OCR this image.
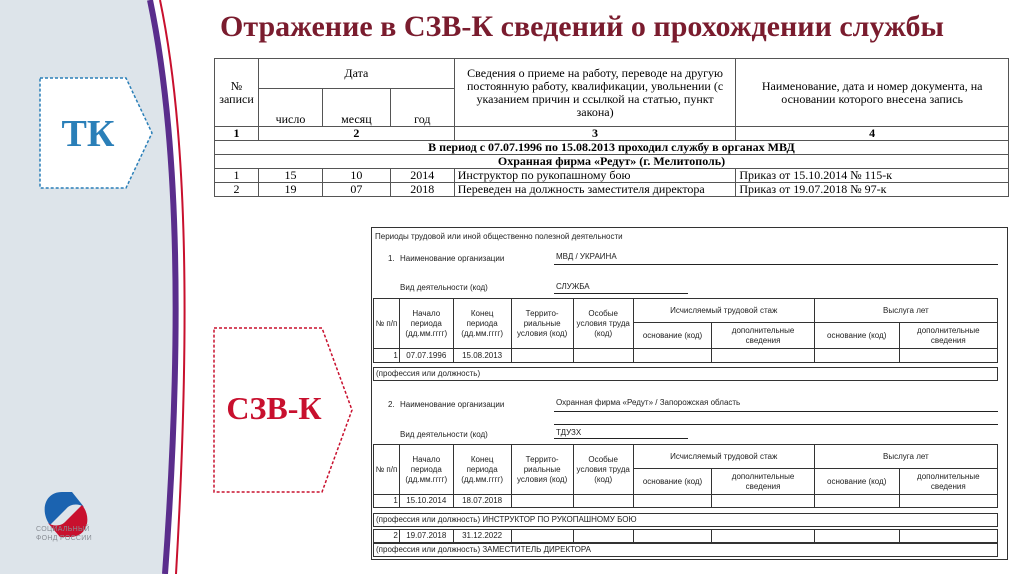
Отражение в СЗВ-К сведений о прохождении службы
ТК
СЗВ-К
СОЦИАЛЬНЫЙ
ФОНД РОССИИ
№ записи	Дата			Сведения о приеме на работу, переводе на другую постоянную работу, квалификации, увольнении (с указанием причин и ссылкой на статью, пункт закона)	Наименование, дата и номер документа, на основании которого внесена запись
	число	месяц	год		
1	2			3	4
В период с 07.07.1996 по 15.08.2013 проходил службу в органах МВД					
Охранная фирма «Редут» (г. Мелитополь)					
1	15	10	2014	Инструктор по рукопашному бою	Приказ от 15.10.2014 № 115-к
2	19	07	2018	Переведен на должность заместителя директора	Приказ от 19.07.2018 № 97-к
Периоды трудовой или иной общественно полезной деятельности
1. Наименование организации	МВД / УКРАИНА
Вид деятельности (код)	СЛУЖБА
№ п/п	Начало периода (дд.мм.гггг)	Конец периода (дд.мм.гггг)	Террито-риальные условия (код)	Особые условия труда (код)	Исчисляемый трудовой стаж		Выслуга лет	
					основание (код)	дополнительные сведения	основание (код)	дополнительные сведения
1	07.07.1996	15.08.2013						
(профессия или должность)
2. Наименование организации	Охранная фирма «Редут» / Запорожская область
Вид деятельности (код)	ТДУЗХ
№ п/п	Начало периода (дд.мм.гггг)	Конец периода (дд.мм.гггг)	Террито-риальные условия (код)	Особые условия труда (код)	Исчисляемый трудовой стаж		Выслуга лет	
					основание (код)	дополнительные сведения	основание (код)	дополнительные сведения
1	15.10.2014	18.07.2018						
(профессия или должность) ИНСТРУКТОР ПО РУКОПАШНОМУ БОЮ
2	19.07.2018	31.12.2022						
(профессия или должность) ЗАМЕСТИТЕЛЬ ДИРЕКТОРА
